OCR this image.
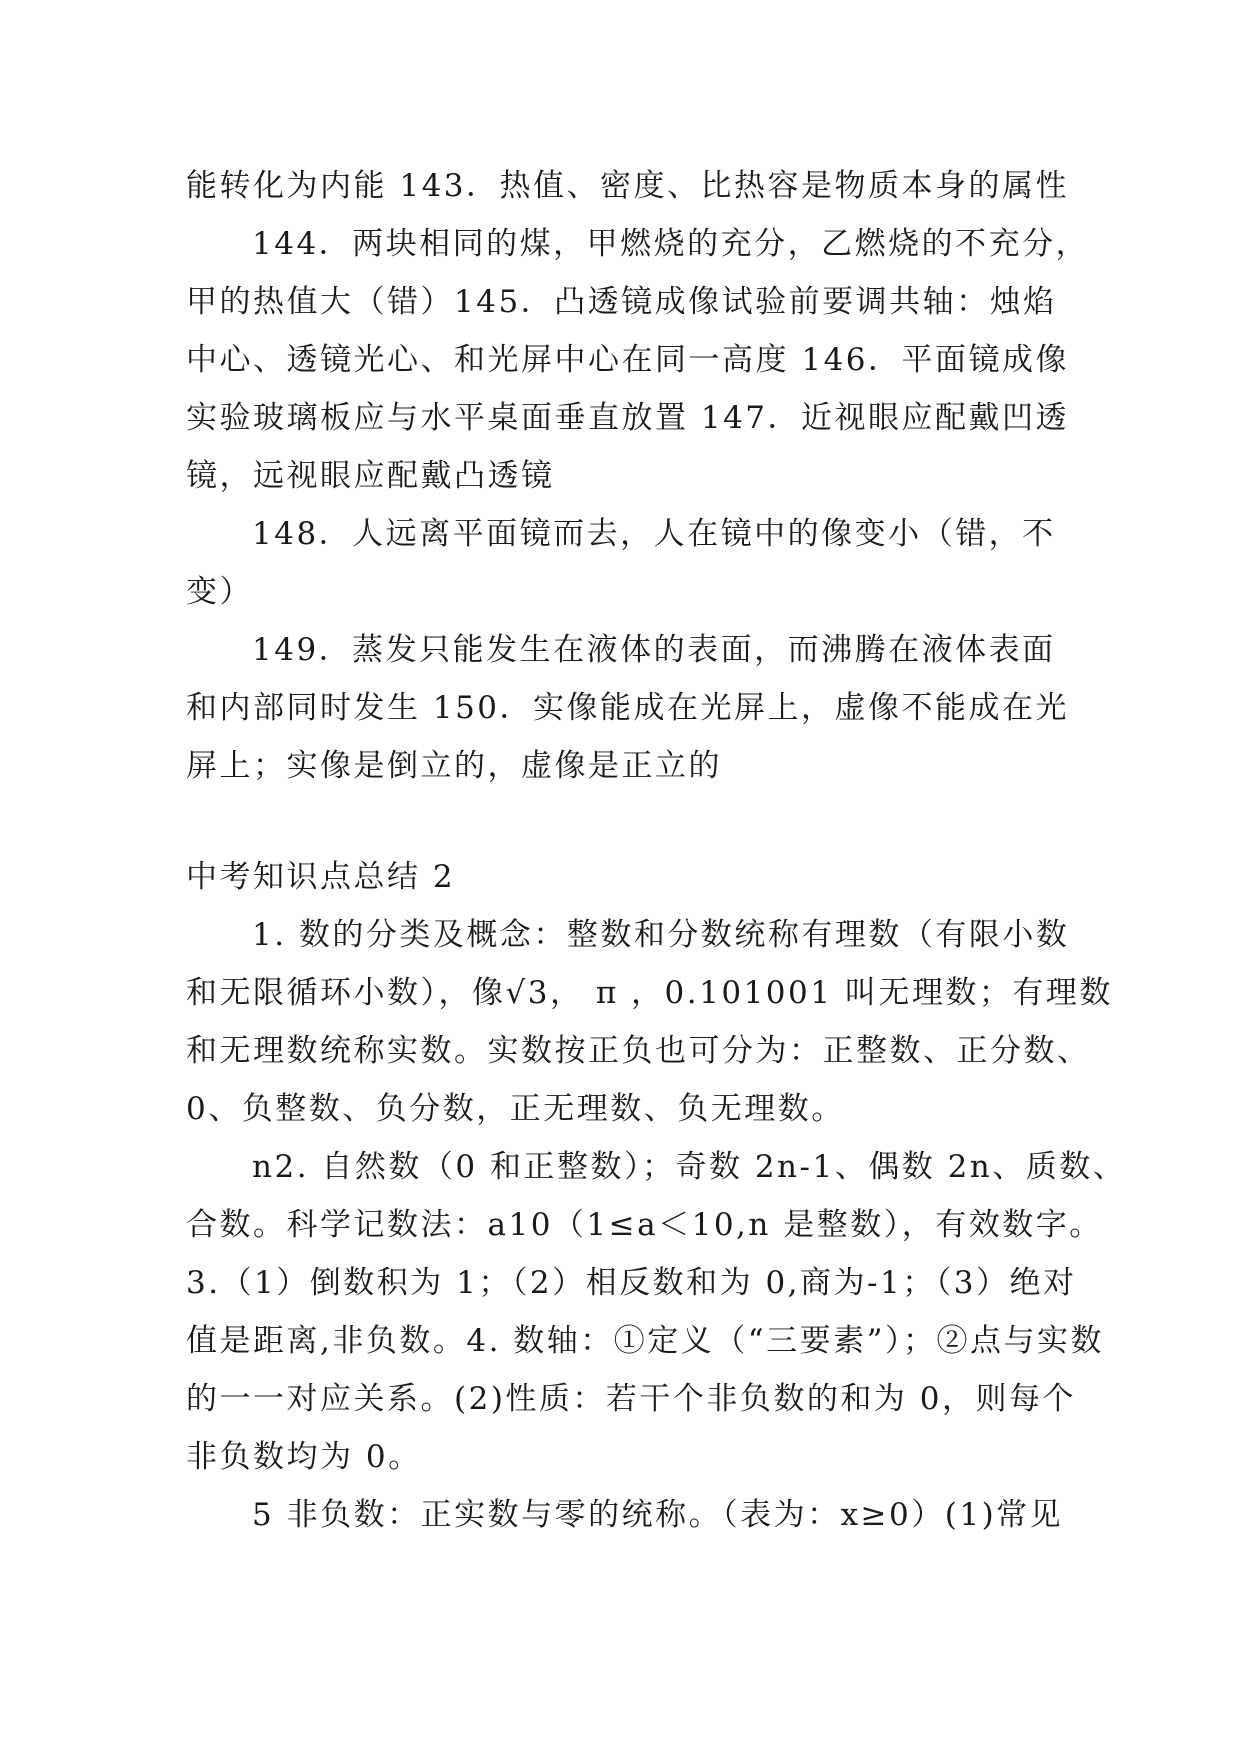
能转化为内能 143．热值、密度、比热容是物质本身的属性
144．两块相同的煤，甲燃烧的充分，乙燃烧的不充分，
甲的热值大（错）145．凸透镜成像试验前要调共轴：烛焰
中心、透镜光心、和光屏中心在同一高度 146．平面镜成像
实验玻璃板应与水平桌面垂直放置 147．近视眼应配戴凹透
镜，远视眼应配戴凸透镜
148．人远离平面镜而去，人在镜中的像变小（错，不
变）
149．蒸发只能发生在液体的表面，而沸腾在液体表面
和内部同时发生 150．实像能成在光屏上，虚像不能成在光
屏上；实像是倒立的，虚像是正立的
中考知识点总结 2
1. 数的分类及概念：整数和分数统称有理数（有限小数
和无限循环小数），像√3， π ，0.101001 叫无理数；有理数
和无理数统称实数。实数按正负也可分为：正整数、正分数、
0、负整数、负分数，正无理数、负无理数。
n2. 自然数（0 和正整数）；奇数 2n-1、偶数 2n、质数、
合数。科学记数法：a10（1≤a＜10,n 是整数），有效数字。
3.（1）倒数积为 1；（2）相反数和为 0,商为-1；（3）绝对
值是距离,非负数。4. 数轴：①定义（“三要素”）；②点与实数
的一一对应关系。(2)性质：若干个非负数的和为 0，则每个
非负数均为 0。
5 非负数：正实数与零的统称。（表为：x≥0）(1)常见
